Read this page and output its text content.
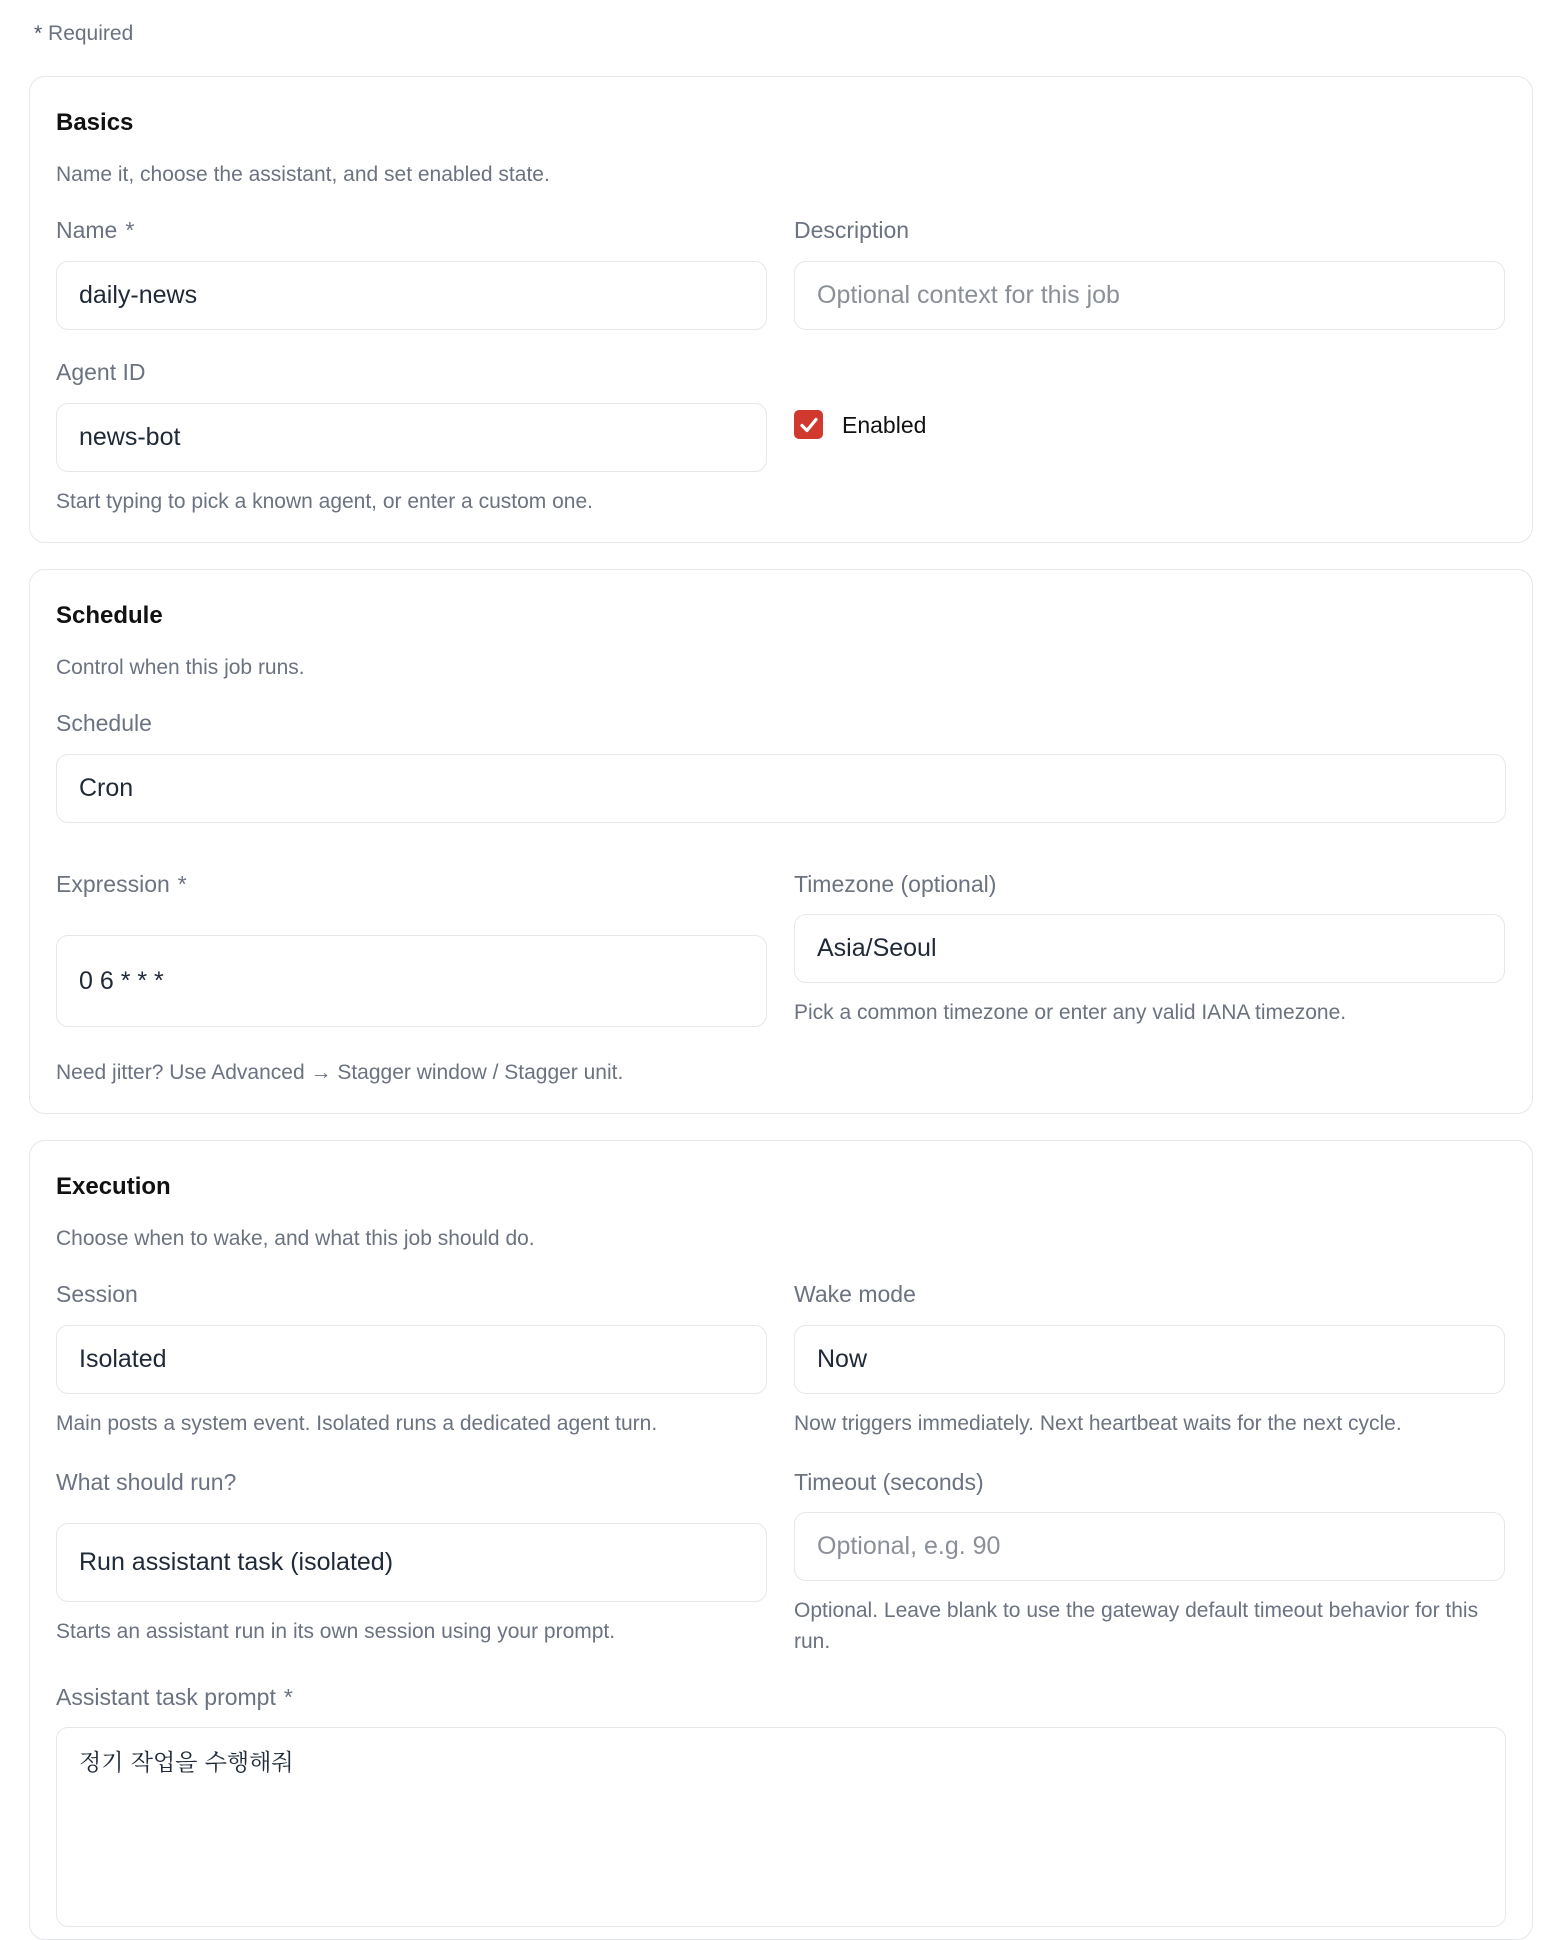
* Required
Basics
Name it, choose the assistant, and set enabled state.
Name *
daily-news
Description
Optional context for this job
Agent ID
news-bot
Start typing to pick a known agent, or enter a custom one.
Enabled
Schedule
Control when this job runs.
Schedule
Cron
Expression *
0 6 * * *
Timezone (optional)
Asia/Seoul
Pick a common timezone or enter any valid IANA timezone.
Need jitter? Use Advanced → Stagger window / Stagger unit.
Execution
Choose when to wake, and what this job should do.
Session
Isolated
Main posts a system event. Isolated runs a dedicated agent turn.
Wake mode
Now
Now triggers immediately. Next heartbeat waits for the next cycle.
What should run?
Run assistant task (isolated)
Starts an assistant run in its own session using your prompt.
Timeout (seconds)
Optional, e.g. 90
Optional. Leave blank to use the gateway default timeout behavior for this run.
Assistant task prompt *
정기 작업을 수행해줘
